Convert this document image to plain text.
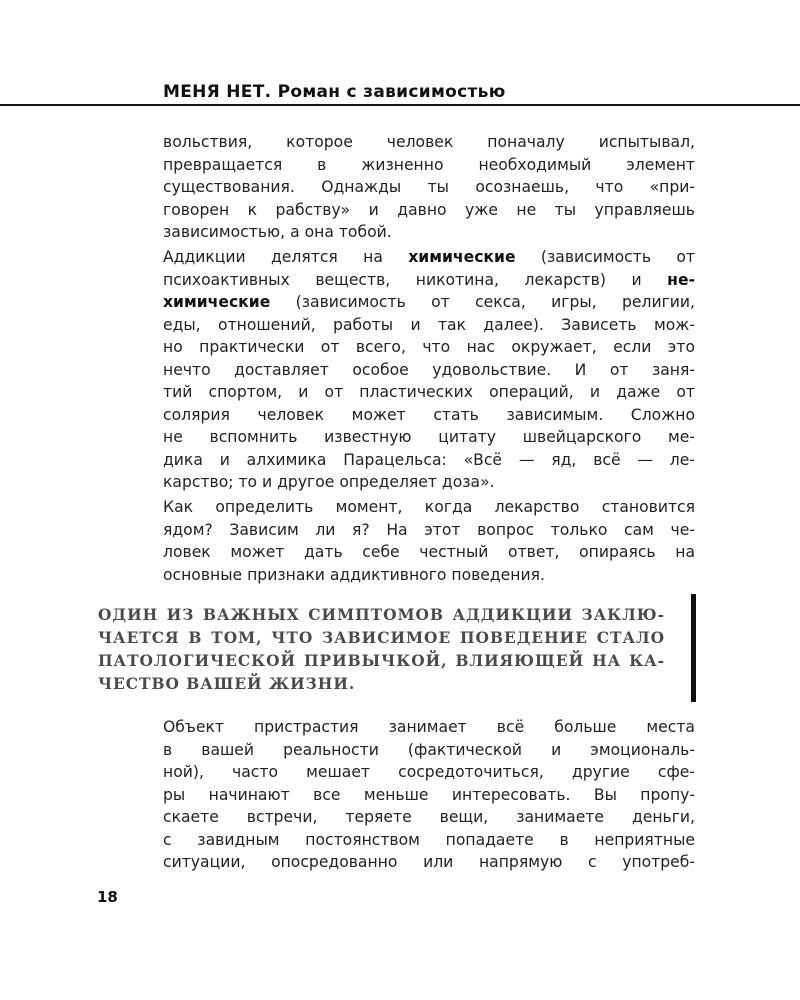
МЕНЯ НЕТ. Роман с зависимостью
вольствия, которое человек поначалу испытывал,
превращается в жизненно необходимый элемент
существования. Однажды ты осознаешь, что «при-
говорен к рабству» и давно уже не ты управляешь
зависимостью, а она тобой.
Аддикции делятся на химические (зависимость от
психоактивных веществ, никотина, лекарств) и не-
химические (зависимость от секса, игры, религии,
еды, отношений, работы и так далее). Зависеть мож-
но практически от всего, что нас окружает, если это
нечто доставляет особое удовольствие. И от заня-
тий спортом, и от пластических операций, и даже от
солярия человек может стать зависимым. Сложно
не вспомнить известную цитату швейцарского ме-
дика и алхимика Парацельса: «Всё — яд, всё — ле-
карство; то и другое определяет доза».
Как определить момент, когда лекарство становится
ядом? Зависим ли я? На этот вопрос только сам че-
ловек может дать себе честный ответ, опираясь на
основные признаки аддиктивного поведения.
ОДИН ИЗ ВАЖНЫХ СИМПТОМОВ АДДИКЦИИ ЗАКЛЮ-
ЧАЕТСЯ В ТОМ, ЧТО ЗАВИСИМОЕ ПОВЕДЕНИЕ СТАЛО
ПАТОЛОГИЧЕСКОЙ ПРИВЫЧКОЙ, ВЛИЯЮЩЕЙ НА КА-
ЧЕСТВО ВАШЕЙ ЖИЗНИ.
Объект пристрастия занимает всё больше места
в вашей реальности (фактической и эмоциональ-
ной), часто мешает сосредоточиться, другие сфе-
ры начинают все меньше интересовать. Вы пропу-
скаете встречи, теряете вещи, занимаете деньги,
с завидным постоянством попадаете в неприятные
ситуации, опосредованно или напрямую с употреб-
18
